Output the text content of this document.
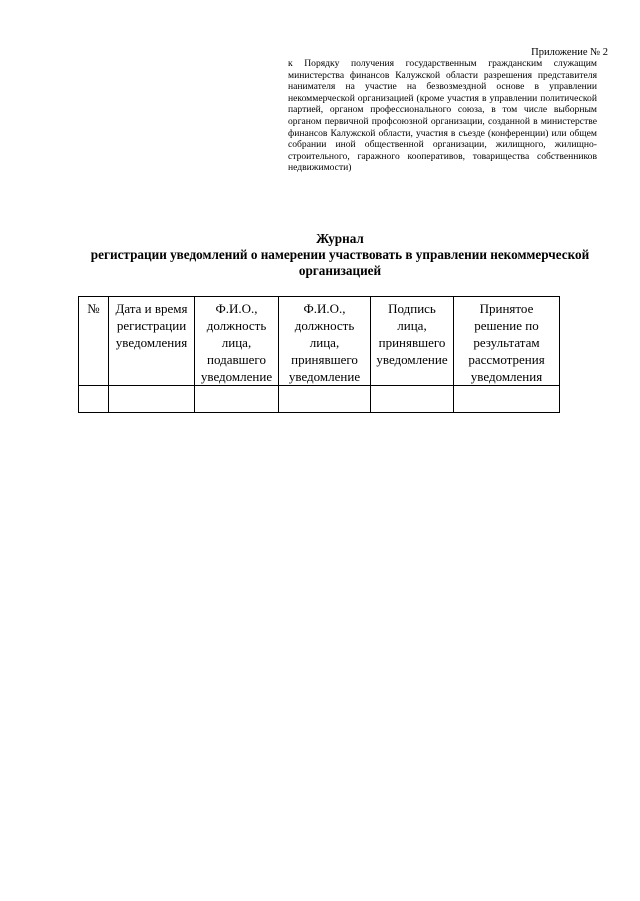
Приложение № 2
к Порядку получения государственным гражданским служащим министерства финансов Калужской области разрешения представителя нанимателя на участие на безвозмездной основе в управлении некоммерческой организацией (кроме участия в управлении политической партией, органом профессионального союза, в том числе выборным органом первичной профсоюзной организации, созданной в министерстве финансов Калужской области, участия в съезде (конференции) или общем собрании иной общественной организации, жилищного, жилищно-строительного, гаражного кооперативов, товарищества собственников недвижимости)
Журнал
регистрации уведомлений о намерении участвовать в управлении некоммерческой организацией
№	Дата и время регистрации уведомления	Ф.И.О., должность лица, подавшего уведомление	Ф.И.О., должность лица, принявшего уведомление	Подпись лица, принявшего уведомление	Принятое решение по результатам рассмотрения уведомления
